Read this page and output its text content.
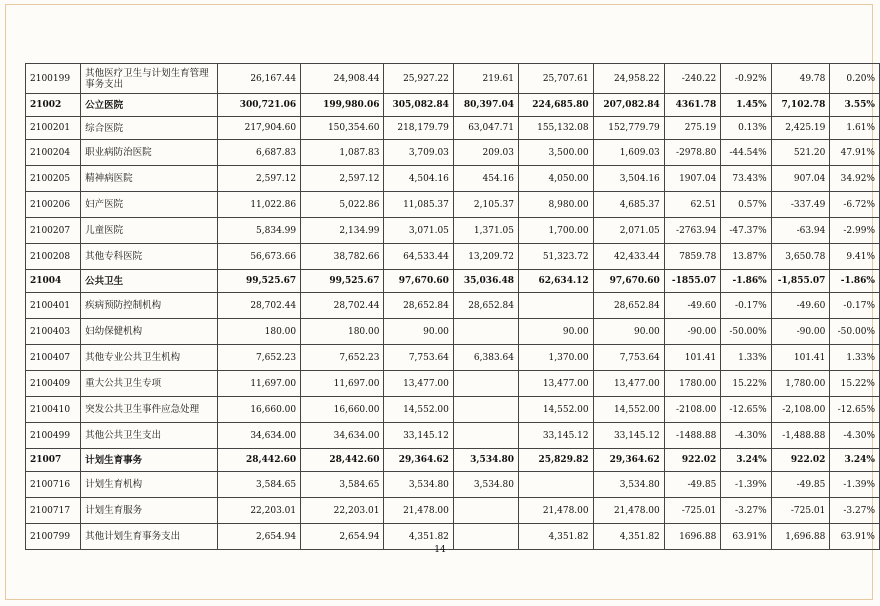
2100199	其他医疗卫生与计划生育管理事务支出	26,167.44	24,908.44	25,927.22	219.61	25,707.61	24,958.22	-240.22	-0.92%	49.78	0.20%
21002	公立医院	300,721.06	199,980.06	305,082.84	80,397.04	224,685.80	207,082.84	4361.78	1.45%	7,102.78	3.55%
2100201	综合医院	217,904.60	150,354.60	218,179.79	63,047.71	155,132.08	152,779.79	275.19	0.13%	2,425.19	1.61%
2100204	职业病防治医院	6,687.83	1,087.83	3,709.03	209.03	3,500.00	1,609.03	-2978.80	-44.54%	521.20	47.91%
2100205	精神病医院	2,597.12	2,597.12	4,504.16	454.16	4,050.00	3,504.16	1907.04	73.43%	907.04	34.92%
2100206	妇产医院	11,022.86	5,022.86	11,085.37	2,105.37	8,980.00	4,685.37	62.51	0.57%	-337.49	-6.72%
2100207	儿童医院	5,834.99	2,134.99	3,071.05	1,371.05	1,700.00	2,071.05	-2763.94	-47.37%	-63.94	-2.99%
2100208	其他专科医院	56,673.66	38,782.66	64,533.44	13,209.72	51,323.72	42,433.44	7859.78	13.87%	3,650.78	9.41%
21004	公共卫生	99,525.67	99,525.67	97,670.60	35,036.48	62,634.12	97,670.60	-1855.07	-1.86%	-1,855.07	-1.86%
2100401	疾病预防控制机构	28,702.44	28,702.44	28,652.84	28,652.84		28,652.84	-49.60	-0.17%	-49.60	-0.17%
2100403	妇幼保健机构	180.00	180.00	90.00		90.00	90.00	-90.00	-50.00%	-90.00	-50.00%
2100407	其他专业公共卫生机构	7,652.23	7,652.23	7,753.64	6,383.64	1,370.00	7,753.64	101.41	1.33%	101.41	1.33%
2100409	重大公共卫生专项	11,697.00	11,697.00	13,477.00		13,477.00	13,477.00	1780.00	15.22%	1,780.00	15.22%
2100410	突发公共卫生事件应急处理	16,660.00	16,660.00	14,552.00		14,552.00	14,552.00	-2108.00	-12.65%	-2,108.00	-12.65%
2100499	其他公共卫生支出	34,634.00	34,634.00	33,145.12		33,145.12	33,145.12	-1488.88	-4.30%	-1,488.88	-4.30%
21007	计划生育事务	28,442.60	28,442.60	29,364.62	3,534.80	25,829.82	29,364.62	922.02	3.24%	922.02	3.24%
2100716	计划生育机构	3,584.65	3,584.65	3,534.80	3,534.80		3,534.80	-49.85	-1.39%	-49.85	-1.39%
2100717	计划生育服务	22,203.01	22,203.01	21,478.00		21,478.00	21,478.00	-725.01	-3.27%	-725.01	-3.27%
2100799	其他计划生育事务支出	2,654.94	2,654.94	4,351.82		4,351.82	4,351.82	1696.88	63.91%	1,696.88	63.91%
14
